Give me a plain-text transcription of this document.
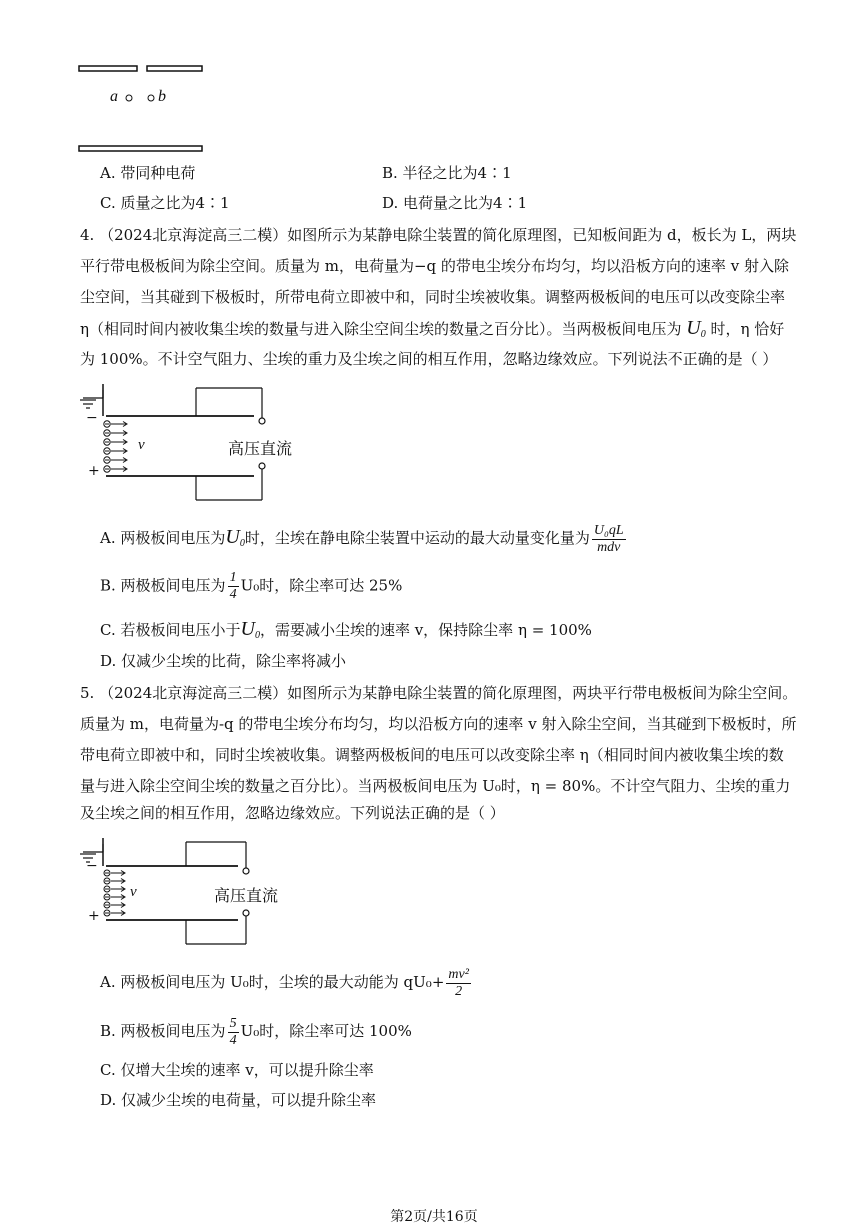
a	b
A. 带同种电荷	B. 半径之比为4∶1
C. 质量之比为4∶1	D. 电荷量之比为4∶1
4. （2024北京海淀高三二模）如图所示为某静电除尘装置的简化原理图，已知板间距为 d，板长为 L，两块
平行带电极板间为除尘空间。质量为 m，电荷量为−q 的带电尘埃分布均匀，均以沿板方向的速率 v 射入除
尘空间，当其碰到下极板时，所带电荷立即被中和，同时尘埃被收集。调整两极板间的电压可以改变除尘率
η（相同时间内被收集尘埃的数量与进入除尘空间尘埃的数量之百分比）。当两极板间电压为 $U_0$ 时，η 恰好
为 100%。不计空气阻力、尘埃的重力及尘埃之间的相互作用，忽略边缘效应。下列说法不正确的是（ ）
−
+
v	高压直流
A. 两极板间电压为$U_0$时，尘埃在静电除尘装置中运动的最大动量变化量为 $\frac{\text{U₀qL}}{\text{mdv}}$
B. 两极板间电压为 $\frac{1}{4} U_0$时，除尘率可达 25%
C. 若极板间电压小于$U_0$，需要减小尘埃的速率 v，保持除尘率 η = 100%
D. 仅减少尘埃的比荷，除尘率将减小
5. （2024北京海淀高三二模）如图所示为某静电除尘装置的简化原理图，两块平行带电极板间为除尘空间。
质量为 m，电荷量为-q 的带电尘埃分布均匀，均以沿板方向的速率 v 射入除尘空间，当其碰到下极板时，所
带电荷立即被中和，同时尘埃被收集。调整两极板间的电压可以改变除尘率 η（相同时间内被收集尘埃的数
量与进入除尘空间尘埃的数量之百分比）。当两极板间电压为 U₀时，η = 80%。不计空气阻力、尘埃的重力
及尘埃之间的相互作用，忽略边缘效应。下列说法正确的是（ ）
−
+
v	高压直流
A. 两极板间电压为 U₀时，尘埃的最大动能为 $qU_0+ \frac{\text{mv²}}{2}$
B. 两极板间电压为 $\frac{5}{4} U_0$时，除尘率可达 100%
C. 仅增大尘埃的速率 v，可以提升除尘率
D. 仅减少尘埃的电荷量，可以提升除尘率
第2页/共16页
